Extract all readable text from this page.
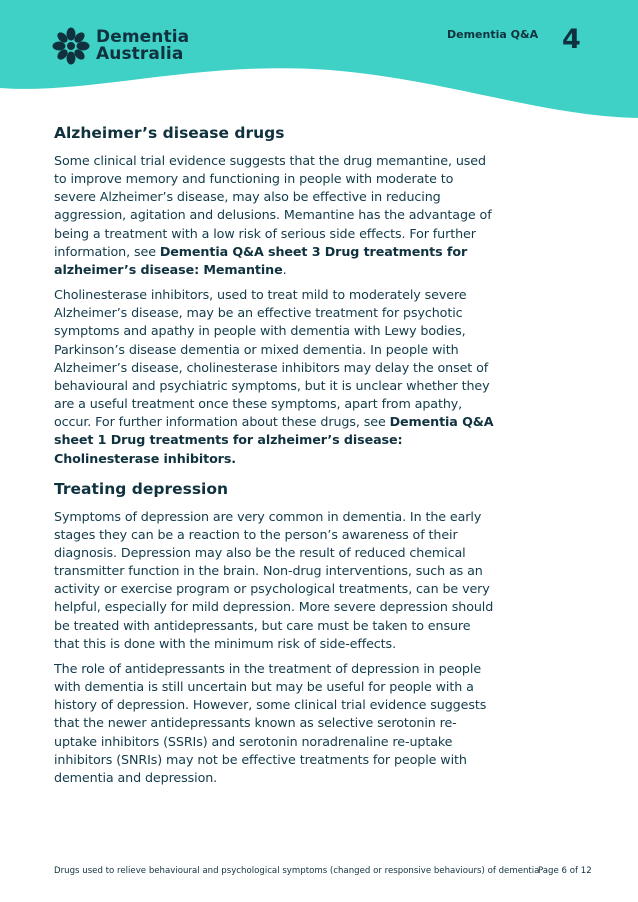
Dementia
Australia
Dementia Q&A 4
Alzheimer’s disease drugs

Some clinical trial evidence suggests that the drug memantine, used to improve memory and functioning in people with moderate to severe Alzheimer’s disease, may also be effective in reducing aggression, agitation and delusions. Memantine has the advantage of being a treatment with a low risk of serious side effects. For further information, see Dementia Q&A sheet 3 Drug treatments for alzheimer’s disease: Memantine.

Cholinesterase inhibitors, used to treat mild to moderately severe Alzheimer’s disease, may be an effective treatment for psychotic symptoms and apathy in people with dementia with Lewy bodies, Parkinson’s disease dementia or mixed dementia. In people with Alzheimer’s disease, cholinesterase inhibitors may delay the onset of behavioural and psychiatric symptoms, but it is unclear whether they are a useful treatment once these symptoms, apart from apathy, occur. For further information about these drugs, see Dementia Q&A sheet 1 Drug treatments for alzheimer’s disease: Cholinesterase inhibitors.

Treating depression

Symptoms of depression are very common in dementia. In the early stages they can be a reaction to the person’s awareness of their diagnosis. Depression may also be the result of reduced chemical transmitter function in the brain. Non-drug interventions, such as an activity or exercise program or psychological treatments, can be very helpful, especially for mild depression. More severe depression should be treated with antidepressants, but care must be taken to ensure that this is done with the minimum risk of side-effects.

The role of antidepressants in the treatment of depression in people with dementia is still uncertain but may be useful for people with a history of depression. However, some clinical trial evidence suggests that the newer antidepressants known as selective serotonin re-uptake inhibitors (SSRIs) and serotonin noradrenaline re-uptake inhibitors (SNRIs) may not be effective treatments for people with dementia and depression.

Drugs used to relieve behavioural and psychological symptoms (changed or responsive behaviours) of dementia
Page 6 of 12
